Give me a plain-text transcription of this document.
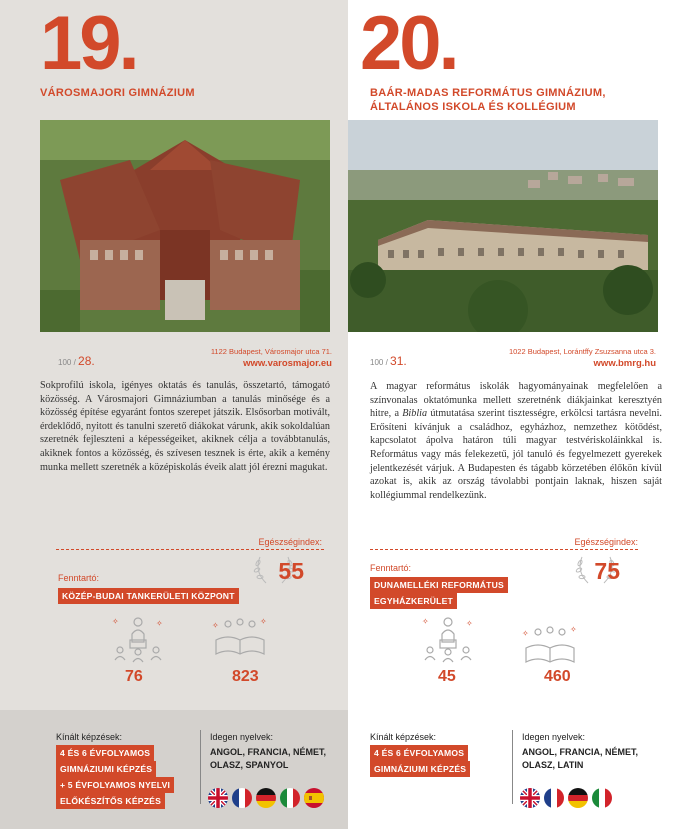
19.
VÁROSMAJORI GIMNÁZIUM
100 / 28.
1122 Budapest, Városmajor utca 71.
www.varosmajor.eu
Sokprofilú iskola, igényes oktatás és tanulás, összetartó, támogató közösség. A Városmajori Gimnáziumban a tanulás minősége és a közösség építése egyaránt fontos szerepet játszik. Elsősorban motivált, érdeklődő, nyitott és tanulni szerető diákokat várunk, akik sokoldalúan szeretnék fejleszteni a képességeiket, akiknek célja a továbbtanulás, akiknek fontos a közösség, és szívesen tesznek is érte, akik a kemény munka mellett szeretnék a középiskolás éveik alatt jól érezni magukat.
Egészségindex:
55
Fenntartó:
KÖZÉP-BUDAI TANKERÜLETI KÖZPONT
✧	✧	✧	✧
76	823
Kínált képzések:
4 ÉS 6 ÉVFOLYAMOS
GIMNÁZIUMI KÉPZÉS
+ 5 ÉVFOLYAMOS NYELVI
ELŐKÉSZÍTŐS KÉPZÉS
Idegen nyelvek:
ANGOL, FRANCIA, NÉMET,
OLASZ, SPANYOL
20.
BAÁR-MADAS REFORMÁTUS GIMNÁZIUM,
ÁLTALÁNOS ISKOLA ÉS KOLLÉGIUM
100 / 31.
1022 Budapest, Lorántffy Zsuzsanna utca 3.
www.bmrg.hu
A magyar református iskolák hagyományainak megfelelően a színvonalas oktatómunka mellett szeretnénk diákjainkat keresztyén hitre, a Biblia útmutatása szerint tisztességre, erkölcsi tartásra nevelni. Erősíteni kívánjuk a családhoz, egyházhoz, nemzethez kötődést, kapcsolatot ápolva határon túli magyar testvériskoláinkkal is. Református vagy más felekezetű, jól tanuló és fegyelmezett gyerekek jelentkezését várjuk. A Budapesten és tágabb körzetében élőkön kívül azokat is, akik az ország távolabbi pontjain laknak, hiszen saját kollégiummal rendelkezünk.
Egészségindex:
75
Fenntartó:
DUNAMELLÉKI REFORMÁTUS
EGYHÁZKERÜLET
✧	✧
✧	✧
45	460
Kínált képzések:
4 ÉS 6 ÉVFOLYAMOS
GIMNÁZIUMI KÉPZÉS
Idegen nyelvek:
ANGOL, FRANCIA, NÉMET,
OLASZ, LATIN
